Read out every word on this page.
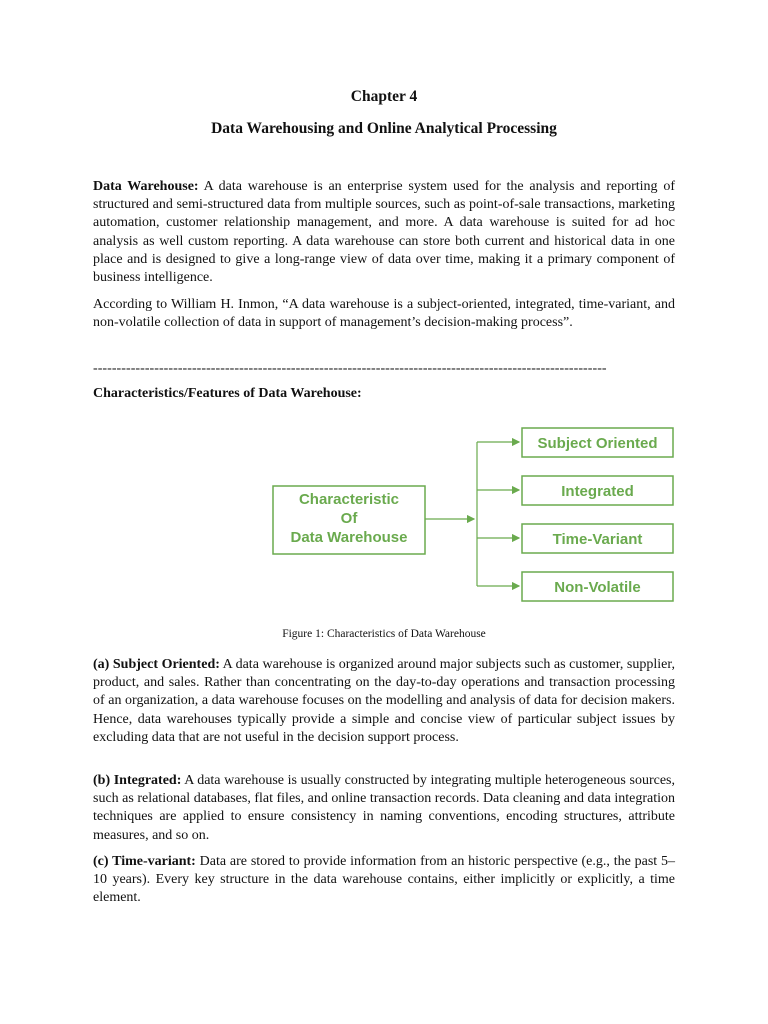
Chapter 4
Data Warehousing and Online Analytical Processing

Data Warehouse: A data warehouse is an enterprise system used for the analysis and reporting of structured and semi-structured data from multiple sources, such as point-of-sale transactions, marketing automation, customer relationship management, and more. A data warehouse is suited for ad hoc analysis as well custom reporting. A data warehouse can store both current and historical data in one place and is designed to give a long-range view of data over time, making it a primary component of business intelligence.

According to William H. Inmon, “A data warehouse is a subject-oriented, integrated, time-variant, and non-volatile collection of data in support of management’s decision-making process”.

-------------------------------------------------------------------------------------------------------------
Characteristics/Features of Data Warehouse:
Characteristic
Of
Data Warehouse
Subject Oriented
Integrated
Time-Variant
Non-Volatile
Figure 1: Characteristics of Data Warehouse

(a) Subject Oriented: A data warehouse is organized around major subjects such as customer, supplier, product, and sales. Rather than concentrating on the day-to-day operations and transaction processing of an organization, a data warehouse focuses on the modelling and analysis of data for decision makers. Hence, data warehouses typically provide a simple and concise view of particular subject issues by excluding data that are not useful in the decision support process.

(b) Integrated: A data warehouse is usually constructed by integrating multiple heterogeneous sources, such as relational databases, flat files, and online transaction records. Data cleaning and data integration techniques are applied to ensure consistency in naming conventions, encoding structures, attribute measures, and so on.

(c) Time-variant: Data are stored to provide information from an historic perspective (e.g., the past 5–10 years). Every key structure in the data warehouse contains, either implicitly or explicitly, a time element.
